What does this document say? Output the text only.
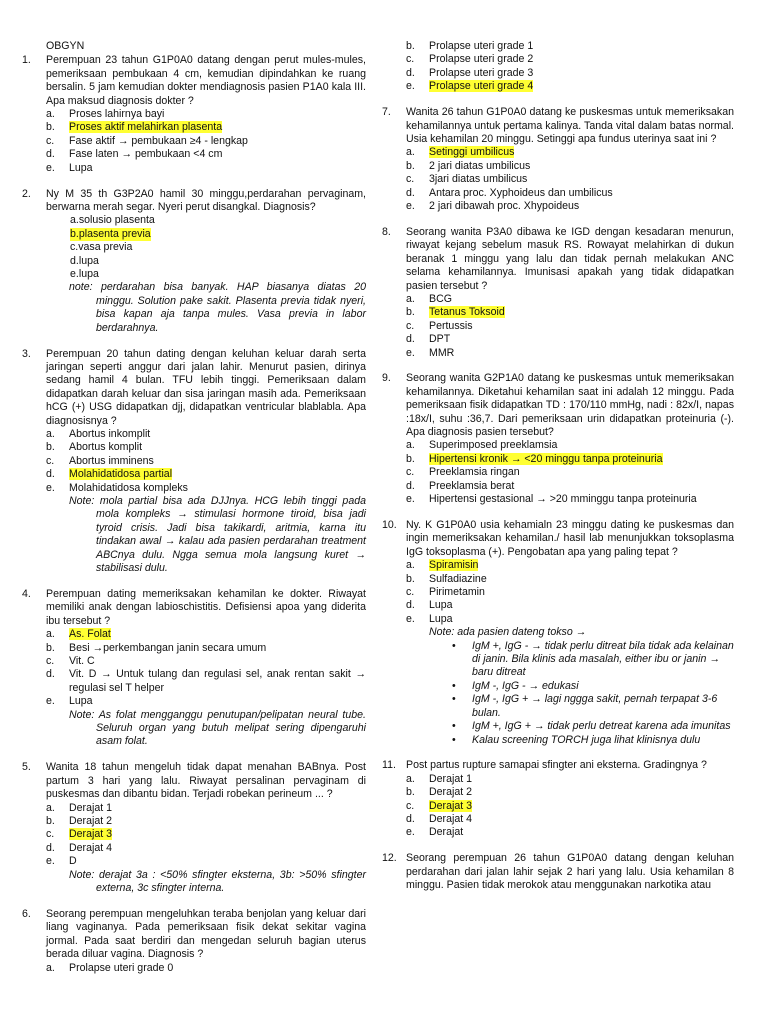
OBGYN
1.	Perempuan 23 tahun G1P0A0 datang dengan perut mules-mules, pemeriksaan pembukaan 4 cm, kemudian dipindahkan ke ruang bersalin. 5 jam kemudian dokter mendiagnosis pasien P1A0 kala III. Apa maksud diagnosis dokter ?
a.	Proses lahirnya bayi
b.	Proses aktif melahirkan plasenta
c.	Fase aktif → pembukaan ≥4 - lengkap
d.	Fase laten → pembukaan <4 cm
e.	Lupa
2.	Ny M 35 th G3P2A0 hamil 30 minggu,perdarahan pervaginam, berwarna merah segar. Nyeri perut disangkal. Diagnosis?
a.solusio plasenta
b.plasenta previa
c.vasa previa
d.lupa
e.lupa
note: perdarahan bisa banyak. HAP biasanya diatas 20 minggu. Solution pake sakit. Plasenta previa tidak nyeri, bisa kapan aja tanpa mules. Vasa previa in labor berdarahnya.
3.	Perempuan 20 tahun dating dengan keluhan keluar darah serta jaringan seperti anggur dari jalan lahir. Menurut pasien, dirinya sedang hamil 4 bulan. TFU lebih tinggi. Pemeriksaan dalam didapatkan darah keluar dan sisa jaringan masih ada. Pemeriksaan hCG (+) USG didapatkan djj, didapatkan ventricular blablabla. Apa diagnosisnya ?
a.	Abortus inkomplit
b.	Abortus komplit
c.	Abortus imminens
d.	Molahidatidosa partial
e.	Molahidatidosa kompleks
Note: mola partial bisa ada DJJnya. HCG lebih tinggi pada mola kompleks → stimulasi hormone tiroid, bisa jadi tyroid crisis. Jadi bisa takikardi, aritmia, karna itu tindakan awal → kalau ada pasien perdarahan treatment ABCnya dulu. Ngga semua mola langsung kuret → stabilisasi dulu.
4.	Perempuan dating memeriksakan kehamilan ke dokter. Riwayat memiliki anak dengan labioschistitis. Defisiensi apoa yang diderita ibu tersebut ?
a.	As. Folat
b.	Besi →perkembangan janin secara umum
c.	Vit. C
d.	Vit. D → Untuk tulang dan regulasi sel, anak rentan sakit → regulasi sel T helper
e.	Lupa
Note: As folat mengganggu penutupan/pelipatan neural tube. Seluruh organ yang butuh melipat sering dipengaruhi asam folat.
5.	Wanita 18 tahun mengeluh tidak dapat menahan BABnya. Post partum 3 hari yang lalu. Riwayat persalinan pervaginam di puskesmas dan dibantu bidan. Terjadi robekan perineum ... ?
a.	Derajat 1
b.	Derajat 2
c.	Derajat 3
d.	Derajat 4
e.	D
Note: derajat 3a : <50% sfingter eksterna, 3b: >50% sfingter externa, 3c sfingter interna.
6.	Seorang perempuan mengeluhkan teraba benjolan yang keluar dari liang vaginanya. Pada pemeriksaan fisik dekat sekitar vagina jormal. Pada saat berdiri dan mengedan seluruh bagian uterus berada diluar vagina. Diagnosis ?
a.	Prolapse uteri grade 0
b.	Prolapse uteri grade 1
c.	Prolapse uteri grade 2
d.	Prolapse uteri grade 3
e.	Prolapse uteri grade 4
7.	Wanita 26 tahun G1P0A0 datang ke puskesmas untuk memeriksakan kehamilannya untuk pertama kalinya. Tanda vital dalam batas normal. Usia kehamilan 20 minggu. Setinggi apa fundus uterinya saat ini ?
a.	Setinggi umbilicus
b.	2 jari diatas umbilicus
c.	3jari diatas umbilicus
d.	Antara proc. Xyphoideus dan umbilicus
e.	2 jari dibawah proc. Xhypoideus
8.	Seorang wanita P3A0 dibawa ke IGD dengan kesadaran menurun, riwayat kejang sebelum masuk RS. Rowayat melahirkan di dukun beranak 1 minggu yang lalu dan tidak pernah melakukan ANC selama kehamilannya. Imunisasi apakah yang tidak didapatkan pasien tersebut ?
a.	BCG
b.	Tetanus Toksoid
c.	Pertussis
d.	DPT
e.	MMR
9.	Seorang wanita G2P1A0 datang ke puskesmas untuk memeriksakan kehamilannya. Diketahui kehamilan saat ini adalah 12 minggu. Pada pemeriksaan fisik didapatkan TD : 170/110 mmHg, nadi : 82x/I, napas :18x/I, suhu :36,7. Dari pemeriksaan urin didapatkan proteinuria (-). Apa diagnosis pasien tersebut?
a.	Superimposed preeklamsia
b.	Hipertensi kronik → <20 minggu tanpa proteinuria
c.	Preeklamsia ringan
d.	Preeklamsia berat
e.	Hipertensi gestasional → >20 mminggu tanpa proteinuria
10. Ny. K G1P0A0 usia kehamialn 23 minggu dating ke puskesmas dan ingin memeriksakan kehamilan./ hasil lab menunjukkan toksoplasma IgG toksoplasma (+). Pengobatan apa yang paling tepat ?
a.	Spiramisin
b.	Sulfadiazine
c.	Pirimetamin
d.	Lupa
e.	Lupa
Note: ada pasien dateng tokso →
•	IgM +, IgG - → tidak perlu ditreat bila tidak ada kelainan di janin. Bila klinis ada masalah, either ibu or janin → baru ditreat
•	IgM -, IgG - → edukasi
•	IgM -, IgG + → lagi nggga sakit, pernah terpapat 3-6 bulan.
•	IgM +, IgG + → tidak perlu detreat karena ada imunitas
•	Kalau screening TORCH juga lihat klinisnya dulu
11. Post partus rupture samapai sfingter ani eksterna. Gradingnya ?
a.	Derajat 1
b.	Derajat 2
c.	Derajat 3
d.	Derajat 4
e.	Derajat
12. Seorang perempuan 26 tahun G1P0A0 datang dengan keluhan perdarahan dari jalan lahir sejak 2 hari yang lalu. Usia kehamilan 8 minggu. Pasien tidak merokok atau menggunakan narkotika atau
